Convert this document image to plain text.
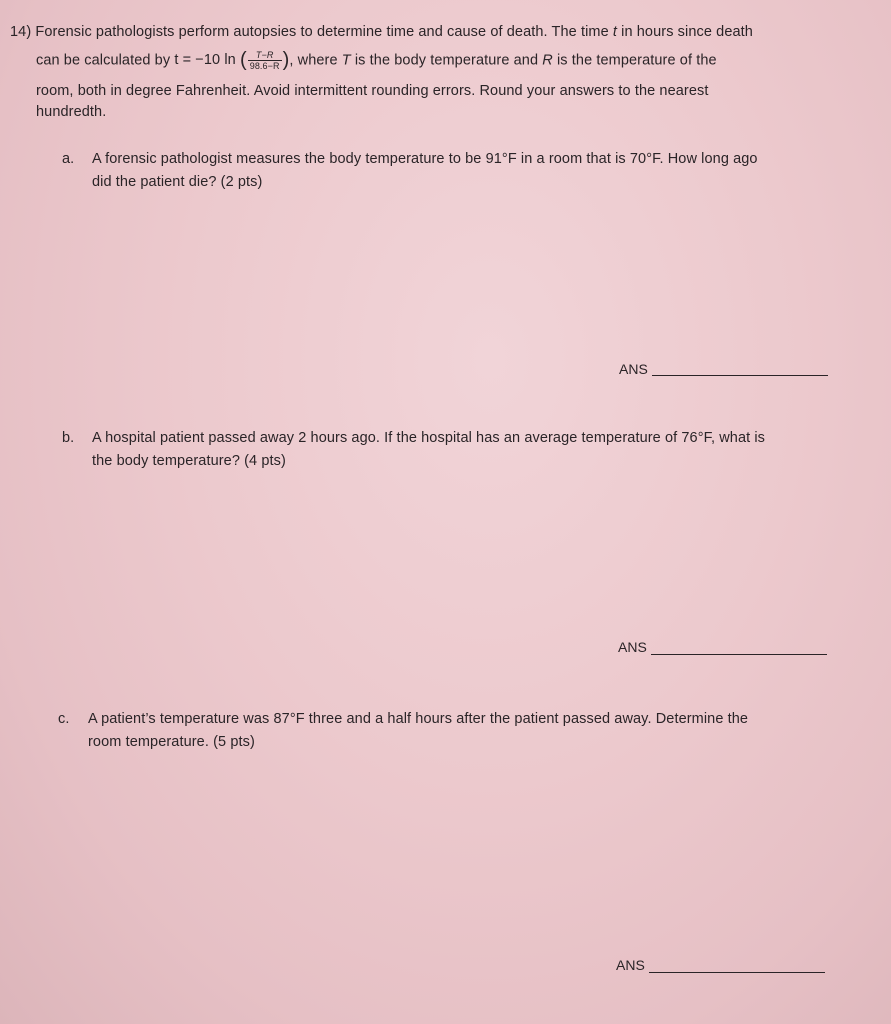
14) Forensic pathologists perform autopsies to determine time and cause of death. The time t in hours since death
can be calculated by t = −10 ln ( $\frac{T-R}{98.6-R}$ ), where T is the body temperature and R is the temperature of the
room, both in degree Fahrenheit. Avoid intermittent rounding errors. Round your answers to the nearest
hundredth.
a. A forensic pathologist measures the body temperature to be 91°F in a room that is 70°F. How long ago
did the patient die? (2 pts)
ANS
b. A hospital patient passed away 2 hours ago. If the hospital has an average temperature of 76°F, what is
the body temperature? (4 pts)
ANS
c. A patient’s temperature was 87°F three and a half hours after the patient passed away. Determine the
room temperature. (5 pts)
ANS
